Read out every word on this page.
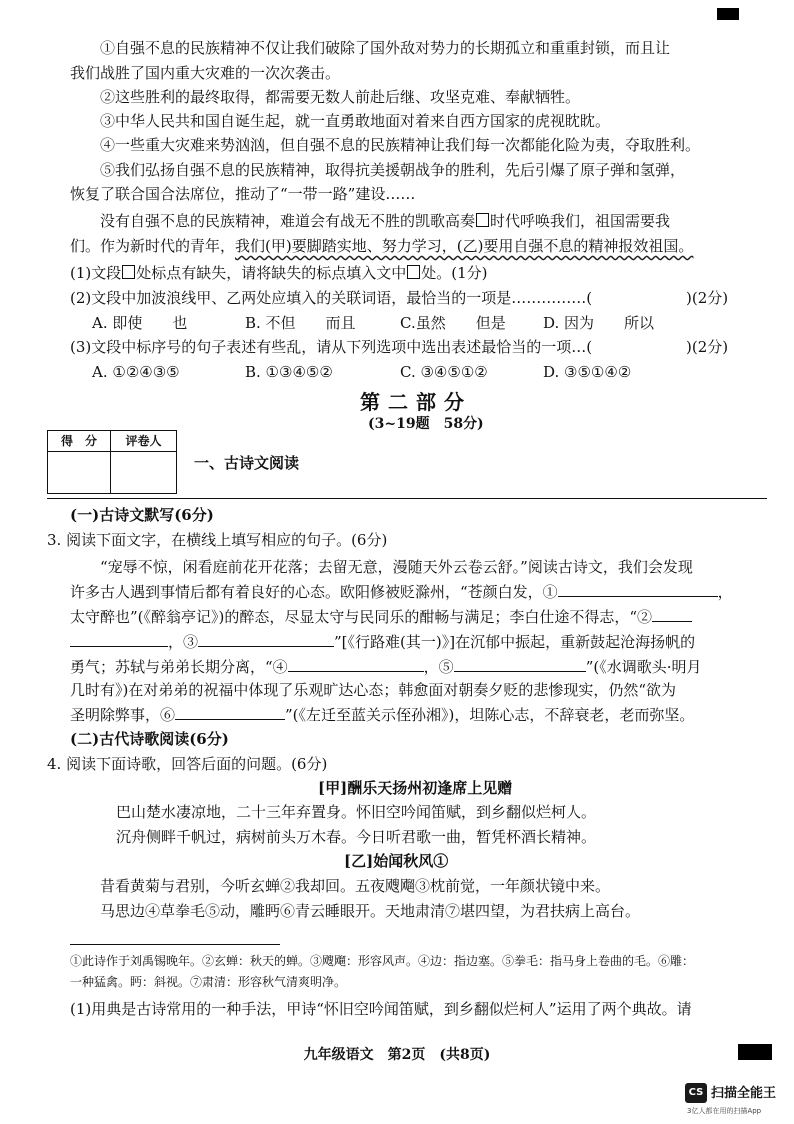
①自强不息的民族精神不仅让我们破除了国外敌对势力的长期孤立和重重封锁，而且让
我们战胜了国内重大灾难的一次次袭击。
②这些胜利的最终取得，都需要无数人前赴后继、攻坚克难、奉献牺牲。
③中华人民共和国自诞生起，就一直勇敢地面对着来自西方国家的虎视眈眈。
④一些重大灾难来势汹汹，但自强不息的民族精神让我们每一次都能化险为夷，夺取胜利。
⑤我们弘扬自强不息的民族精神，取得抗美援朝战争的胜利，先后引爆了原子弹和氢弹，
恢复了联合国合法席位，推动了“一带一路”建设……
没有自强不息的民族精神，难道会有战无不胜的凯歌高奏 时代呼唤我们，祖国需要我
们。作为新时代的青年，我们(甲)要脚踏实地、努力学习，(乙)要用自强不息的精神报效祖国。
(1)文段 处标点有缺失，请将缺失的标点填入文中 处。(1分)
(2)文段中加波浪线甲、乙两处应填入的关联词语，最恰当的一项是……………(	)(2分)
A. 即使　　也	B. 不但　　而且	C.虽然　　但是 D. 因为　　所以
(3)文段中标序号的句子表述有些乱，请从下列选项中选出表述最恰当的一项…(	)(2分)
A. ①②④③⑤	B. ①③④⑤②	C. ③④⑤①②	D. ③⑤①④②
第二部分
(3~19题　58分)
得　分	评卷人
一、古诗文阅读
(一)古诗文默写(6分)
3. 阅读下面文字，在横线上填写相应的句子。(6分)
“宠辱不惊，闲看庭前花开花落；去留无意，漫随天外云卷云舒。”阅读古诗文，我们会发现
许多古人遇到事情后都有着良好的心态。欧阳修被贬滁州，“苍颜白发，①	，
太守醉也”(《醉翁亭记》)的醉态，尽显太守与民同乐的酣畅与满足；李白仕途不得志，“②
，③	”[《行路难(其一)》]在沉郁中振起，重新鼓起沧海扬帆的
勇气；苏轼与弟弟长期分离，“④	，⑤	”(《水调歌头·明月
几时有》)在对弟弟的祝福中体现了乐观旷达心态；韩愈面对朝奏夕贬的悲惨现实，仍然“欲为
圣明除弊事，⑥	”(《左迁至蓝关示侄孙湘》)，坦陈心志，不辞衰老，老而弥坚。
(二)古代诗歌阅读(6分)
4. 阅读下面诗歌，回答后面的问题。(6分)
[甲]酬乐天扬州初逢席上见赠
巴山楚水凄凉地，二十三年弃置身。怀旧空吟闻笛赋，到乡翻似烂柯人。
沉舟侧畔千帆过，病树前头万木春。今日听君歌一曲，暂凭杯酒长精神。
[乙]始闻秋风①
昔看黄菊与君别，今听玄蝉②我却回。五夜飕飗③枕前觉，一年颜状镜中来。
马思边④草拳毛⑤动，雕眄⑥青云睡眼开。天地肃清⑦堪四望，为君扶病上高台。
①此诗作于刘禹锡晚年。②玄蝉：秋天的蝉。③飕飗：形容风声。④边：指边塞。⑤拳毛：指马身上卷曲的毛。⑥雕：
一种猛禽。眄：斜视。⑦肃清：形容秋气清爽明净。
(1)用典是古诗常用的一种手法，甲诗“怀旧空吟闻笛赋，到乡翻似烂柯人”运用了两个典故。请
九年级语文　第2页　(共8页)
CS 扫描全能王
3亿人都在用的扫描App
